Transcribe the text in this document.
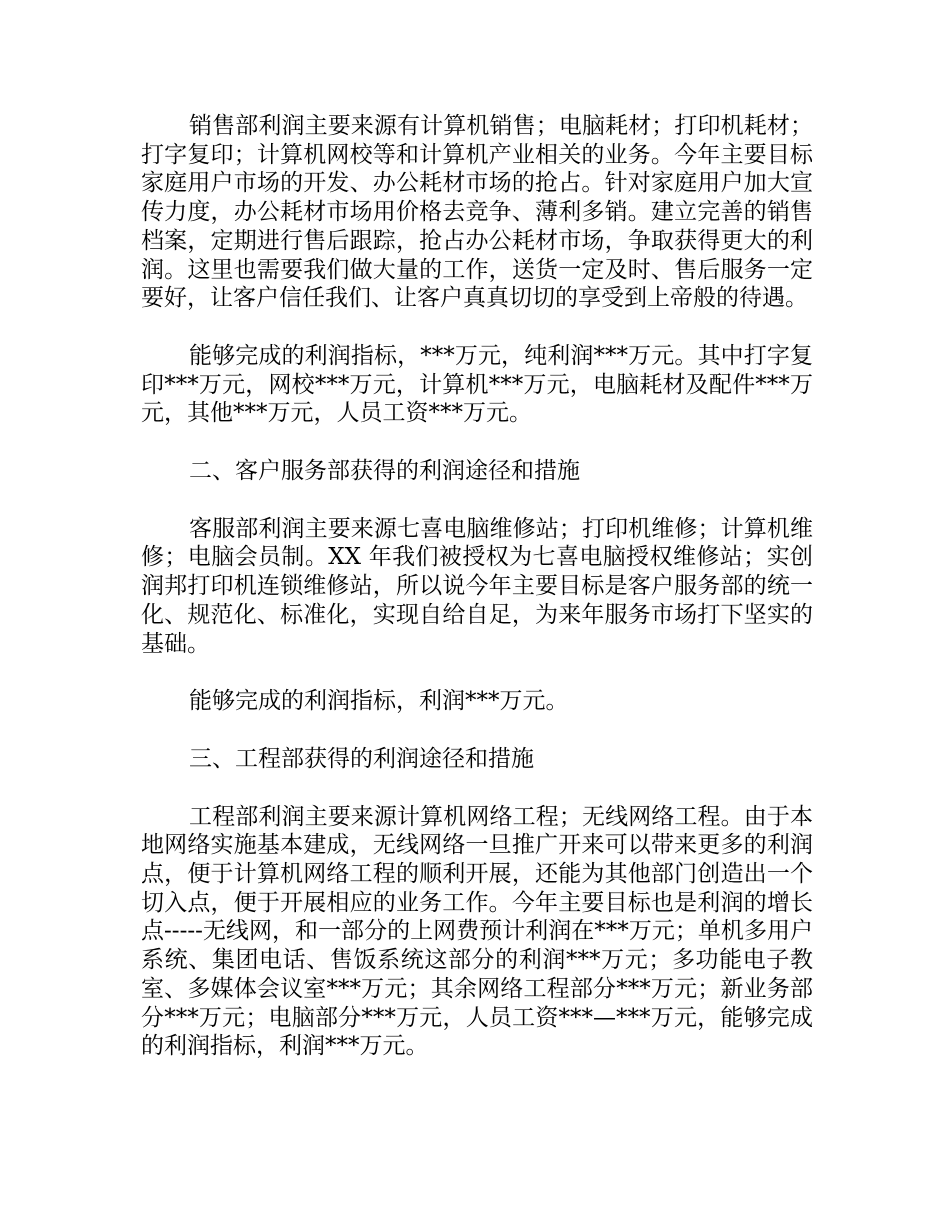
销售部利润主要来源有计算机销售；电脑耗材；打印机耗材；打字复印；计算机网校等和计算机产业相关的业务。今年主要目标家庭用户市场的开发、办公耗材市场的抢占。针对家庭用户加大宣传力度，办公耗材市场用价格去竞争、薄利多销。建立完善的销售档案，定期进行售后跟踪，抢占办公耗材市场，争取获得更大的利润。这里也需要我们做大量的工作，送货一定及时、售后服务一定要好，让客户信任我们、让客户真真切切的享受到上帝般的待遇。

能够完成的利润指标，***万元，纯利润***万元。其中打字复印***万元，网校***万元，计算机***万元，电脑耗材及配件***万元，其他***万元，人员工资***万元。

二、客户服务部获得的利润途径和措施

客服部利润主要来源七喜电脑维修站；打印机维修；计算机维修；电脑会员制。XX 年我们被授权为七喜电脑授权维修站；实创润邦打印机连锁维修站，所以说今年主要目标是客户服务部的统一化、规范化、标准化，实现自给自足，为来年服务市场打下坚实的基础。

能够完成的利润指标，利润***万元。

三、工程部获得的利润途径和措施

工程部利润主要来源计算机网络工程；无线网络工程。由于本地网络实施基本建成，无线网络一旦推广开来可以带来更多的利润点，便于计算机网络工程的顺利开展，还能为其他部门创造出一个切入点，便于开展相应的业务工作。今年主要目标也是利润的增长点-----无线网，和一部分的上网费预计利润在***万元；单机多用户系统、集团电话、售饭系统这部分的利润***万元；多功能电子教室、多媒体会议室***万元；其余网络工程部分***万元；新业务部分***万元；电脑部分***万元，人员工资***—***万元，能够完成的利润指标，利润***万元。
